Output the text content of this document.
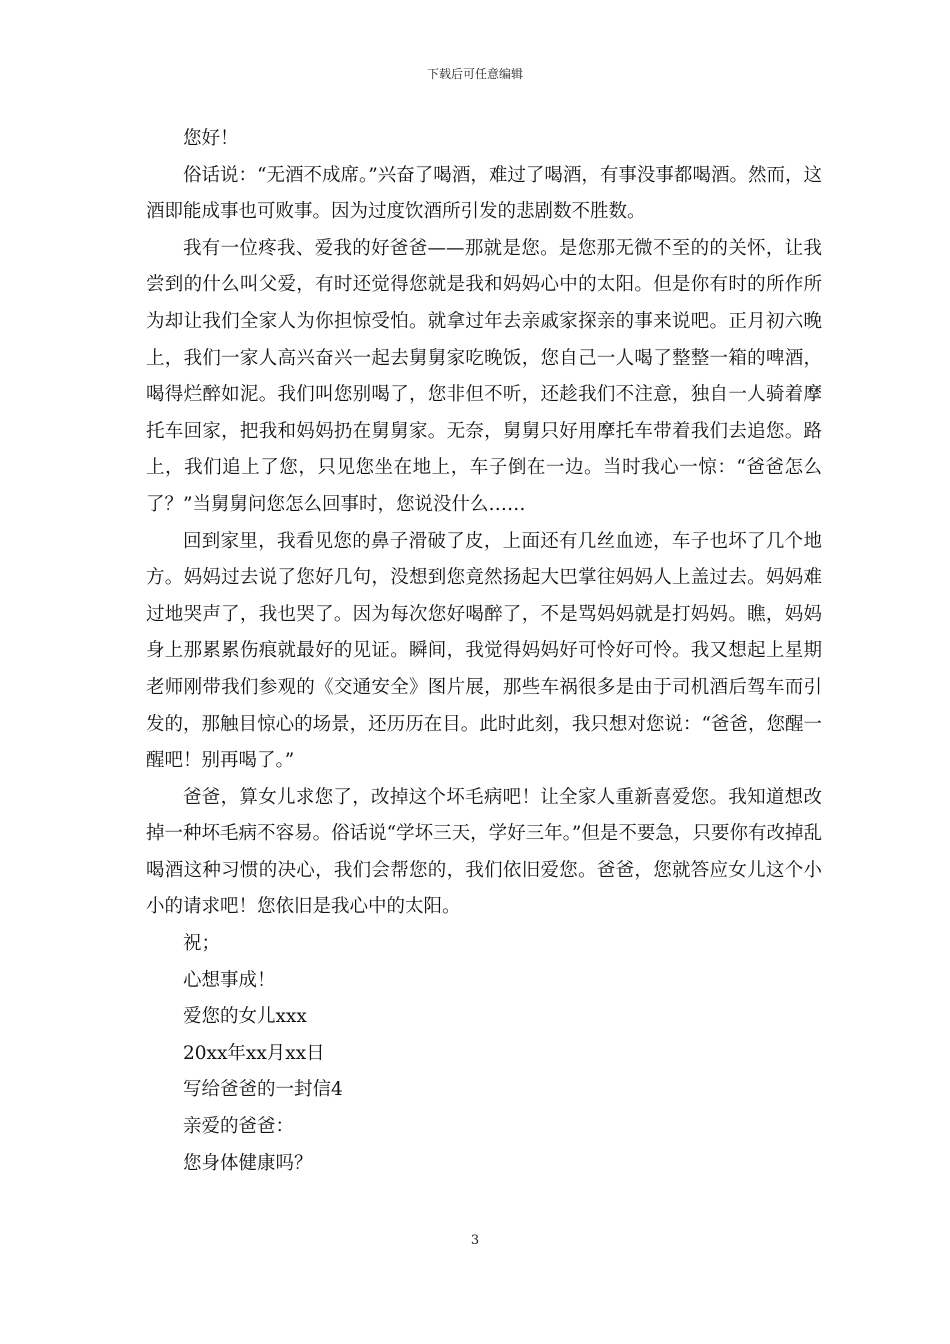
下载后可任意编辑

您好！

俗话说：“无酒不成席。”兴奋了喝酒，难过了喝酒，有事没事都喝酒。然而，这酒即能成事也可败事。因为过度饮酒所引发的悲剧数不胜数。

我有一位疼我、爱我的好爸爸——那就是您。是您那无微不至的的关怀，让我尝到的什么叫父爱，有时还觉得您就是我和妈妈心中的太阳。但是你有时的所作所为却让我们全家人为你担惊受怕。就拿过年去亲戚家探亲的事来说吧。正月初六晚上，我们一家人高兴奋兴一起去舅舅家吃晚饭，您自己一人喝了整整一箱的啤酒，喝得烂醉如泥。我们叫您别喝了，您非但不听，还趁我们不注意，独自一人骑着摩托车回家，把我和妈妈扔在舅舅家。无奈，舅舅只好用摩托车带着我们去追您。路上，我们追上了您，只见您坐在地上，车子倒在一边。当时我心一惊：“爸爸怎么了？”当舅舅问您怎么回事时，您说没什么……

回到家里，我看见您的鼻子滑破了皮，上面还有几丝血迹，车子也坏了几个地方。妈妈过去说了您好几句，没想到您竟然扬起大巴掌往妈妈人上盖过去。妈妈难过地哭声了，我也哭了。因为每次您好喝醉了，不是骂妈妈就是打妈妈。瞧，妈妈身上那累累伤痕就最好的见证。瞬间，我觉得妈妈好可怜好可怜。我又想起上星期老师刚带我们参观的《交通安全》图片展，那些车祸很多是由于司机酒后驾车而引发的，那触目惊心的场景，还历历在目。此时此刻，我只想对您说：“爸爸，您醒一醒吧！别再喝了。”

爸爸，算女儿求您了，改掉这个坏毛病吧！让全家人重新喜爱您。我知道想改掉一种坏毛病不容易。俗话说“学坏三天，学好三年。”但是不要急，只要你有改掉乱喝酒这种习惯的决心，我们会帮您的，我们依旧爱您。爸爸，您就答应女儿这个小小的请求吧！您依旧是我心中的太阳。

祝；

心想事成！

爱您的女儿xxx

20xx年xx月xx日

写给爸爸的一封信4

亲爱的爸爸：

您身体健康吗？

3
